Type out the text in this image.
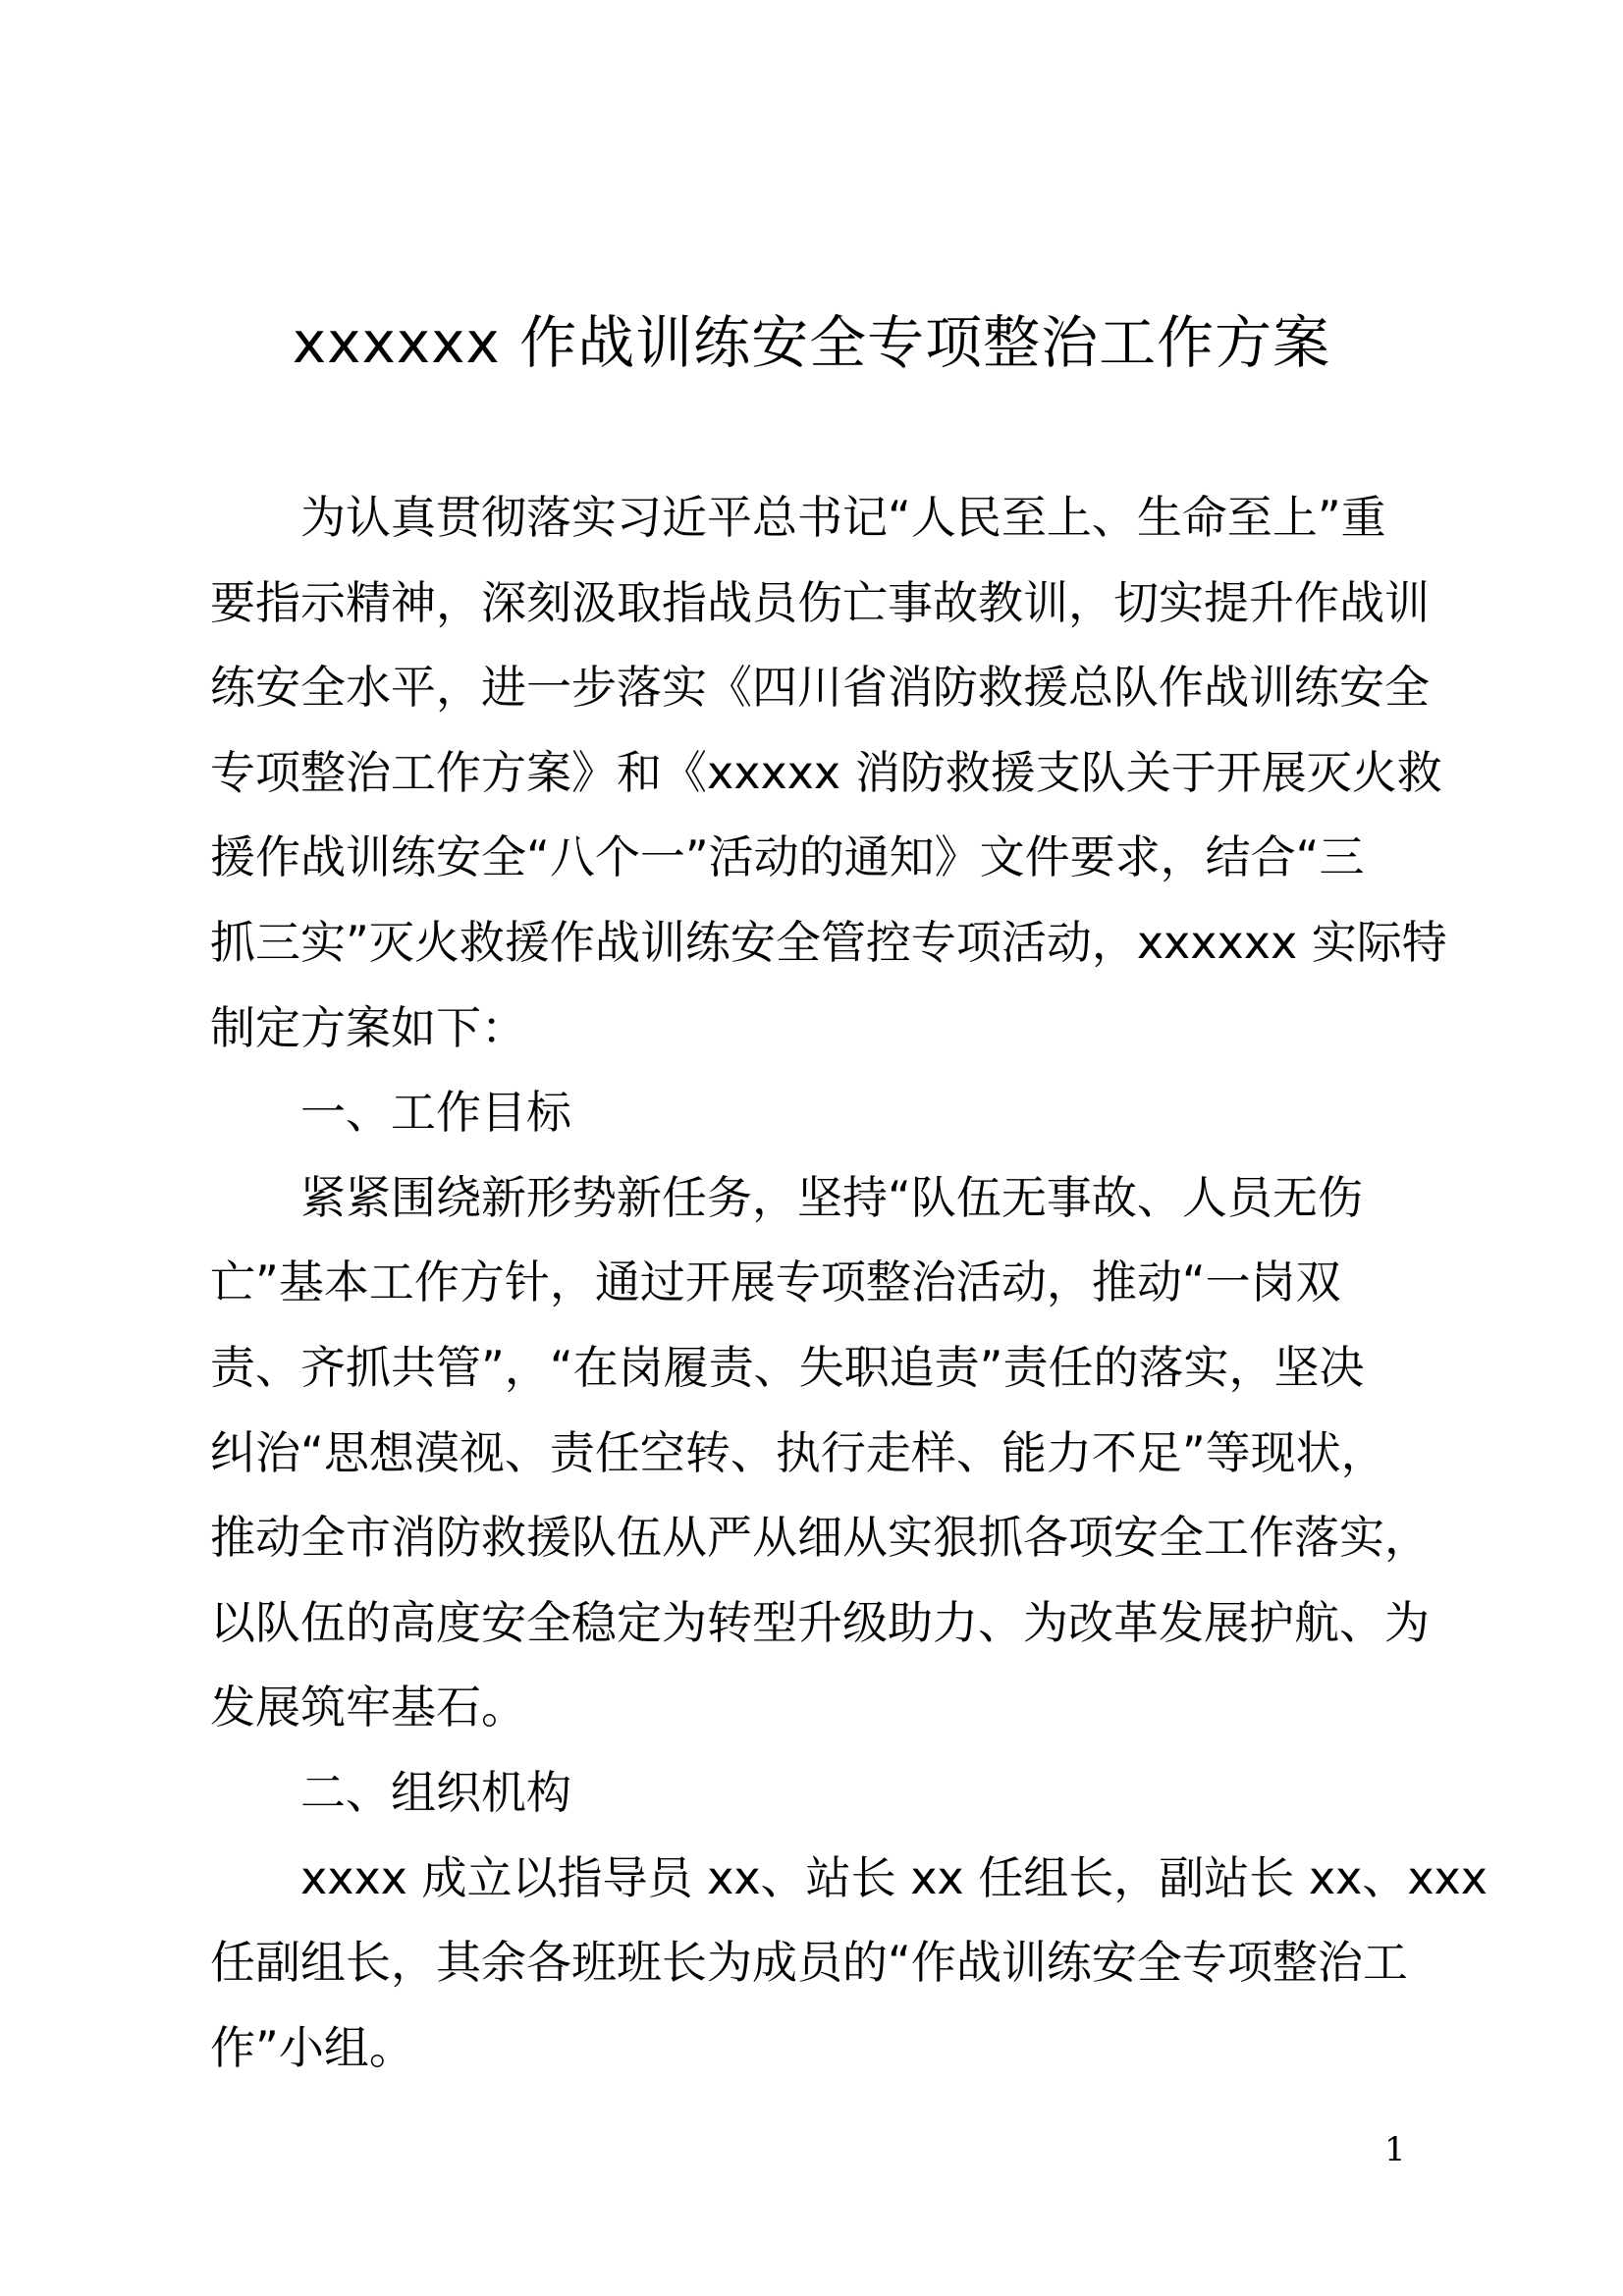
xxxxxx 作战训练安全专项整治工作方案
为认真贯彻落实习近平总书记“人民至上、生命至上”重
要指示精神，深刻汲取指战员伤亡事故教训，切实提升作战训
练安全水平，进一步落实《四川省消防救援总队作战训练安全
专项整治工作方案》和《xxxxx 消防救援支队关于开展灭火救
援作战训练安全“八个一”活动的通知》文件要求，结合“三
抓三实”灭火救援作战训练安全管控专项活动，xxxxxx 实际特
制定方案如下：
一、工作目标
紧紧围绕新形势新任务，坚持“队伍无事故、人员无伤
亡”基本工作方针，通过开展专项整治活动，推动“一岗双
责、齐抓共管”，“在岗履责、失职追责”责任的落实，坚决
纠治“思想漠视、责任空转、执行走样、能力不足”等现状，
推动全市消防救援队伍从严从细从实狠抓各项安全工作落实，
以队伍的高度安全稳定为转型升级助力、为改革发展护航、为
发展筑牢基石。
二、组织机构
xxxx 成立以指导员 xx、站长 xx 任组长，副站长 xx、xxx
任副组长，其余各班班长为成员的“作战训练安全专项整治工
作”小组。
1
